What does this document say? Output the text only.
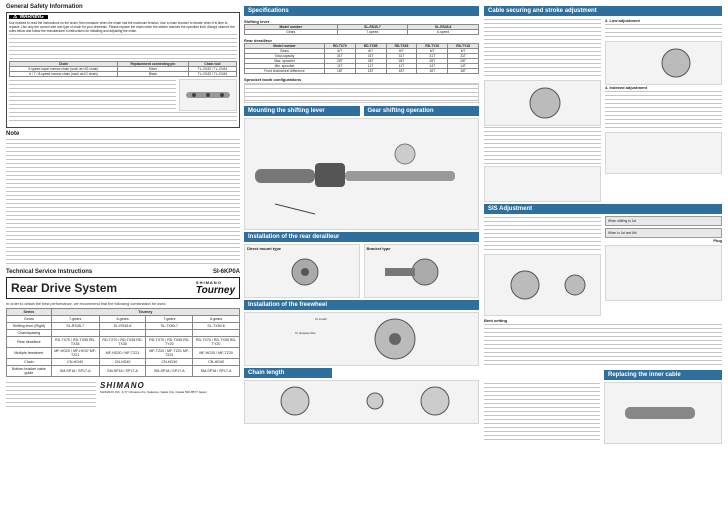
General Safety Information
⚠ WARNING
Use marked to read the instructions on the chain, then measure when the chain has the maximum tension. Use a chain checker to decide when it is time to replace. Use only the correct size and type of chain for your drivetrain. Please replace the chain when the stretch reaches the specified limit. Always observe the rules below and follow the manufacturer's instructions for installing and adjusting the chain.
Chain	Replacement connecting pin	Chain tool
6 speed super narrow chain (such as HG chain)	Silver	TL-CN32 / TL-CN34
6 / 7 / 8-speed narrow chain (such as IG chain)	Black	TL-CN32 / TL-CN34
Note
Technical Service Instructions	SI-6KP0A
Rear Drive System	SHIMANO
Tourney
In order to obtain the best performance, we recommend that the following combination be used.
Series	Tourney			
Gears	7-gears	6-gears	7-gears	6-gears
Shifting lever (Right)	SL-RS45-7	SL-RS45-6	SL-TX50-7	SL-TX50-6
Chain/spacing				
Rear derailleur	RD-TX70 / RD-TX55 RD-TX35	RD-TX70 / RD-TX55 RD-TX35	RD-TX70 / RD-TX55 RD-TY20	RD-TX70 / RD-TX55 RD-TY20
Multiple freewheel	MF-HG20 / MF-HG37 MF-TZ21	MF-HG20 / MF-TZ21	MF-TZ20 / MF-TZ21 MF-TZ31	MF-HG20 / MF-TZ20
Chain	CN-HG40	CN-HG40	CN-HG40	CN-HG40
Bottom bracket cable guide	SM-SP18 / SP17-A	SM-SP18 / SP17-A	SM-SP18 / SP17-A	SM-SP18 / SP17-A
SHIMANO
SHIMANO INC. 3-77 Oimatsu-cho, Sakai-ku, Sakai City, Osaka 590-8577 Japan
Specifications
Shifting lever
Model number	SL-RS45-7	SL-RS45-6
Gears	7-speed	6-speed
Rear derailleur
Model number	RD-TX70	RD-TX55	RD-TX35	RD-TY20	RD-TY18
Gears	6/7	6/7	6/7	6/7	6/7
Total capacity	31T	31T	31T	31T	31T
Max. sprocket	28T	28T	28T	28T	28T
Min. sprocket	11T	11T	11T	14T	14T
Front chainwheel difference	18T	18T	18T	18T	18T
Sprocket tooth configurations
Mounting the shifting lever	Gear shifting operation
Installation of the rear derailleur
Direct mount type	Bracket type
Installation of the freewheel
To install
To disassemble
Chain length
Cable securing and stroke adjustment
3. Low adjustment
4. Indexed adjustment
SIS Adjustment
When shifting to 1st
When to 1st and 6th
Plug
Bent setting
Replacing the inner cable
